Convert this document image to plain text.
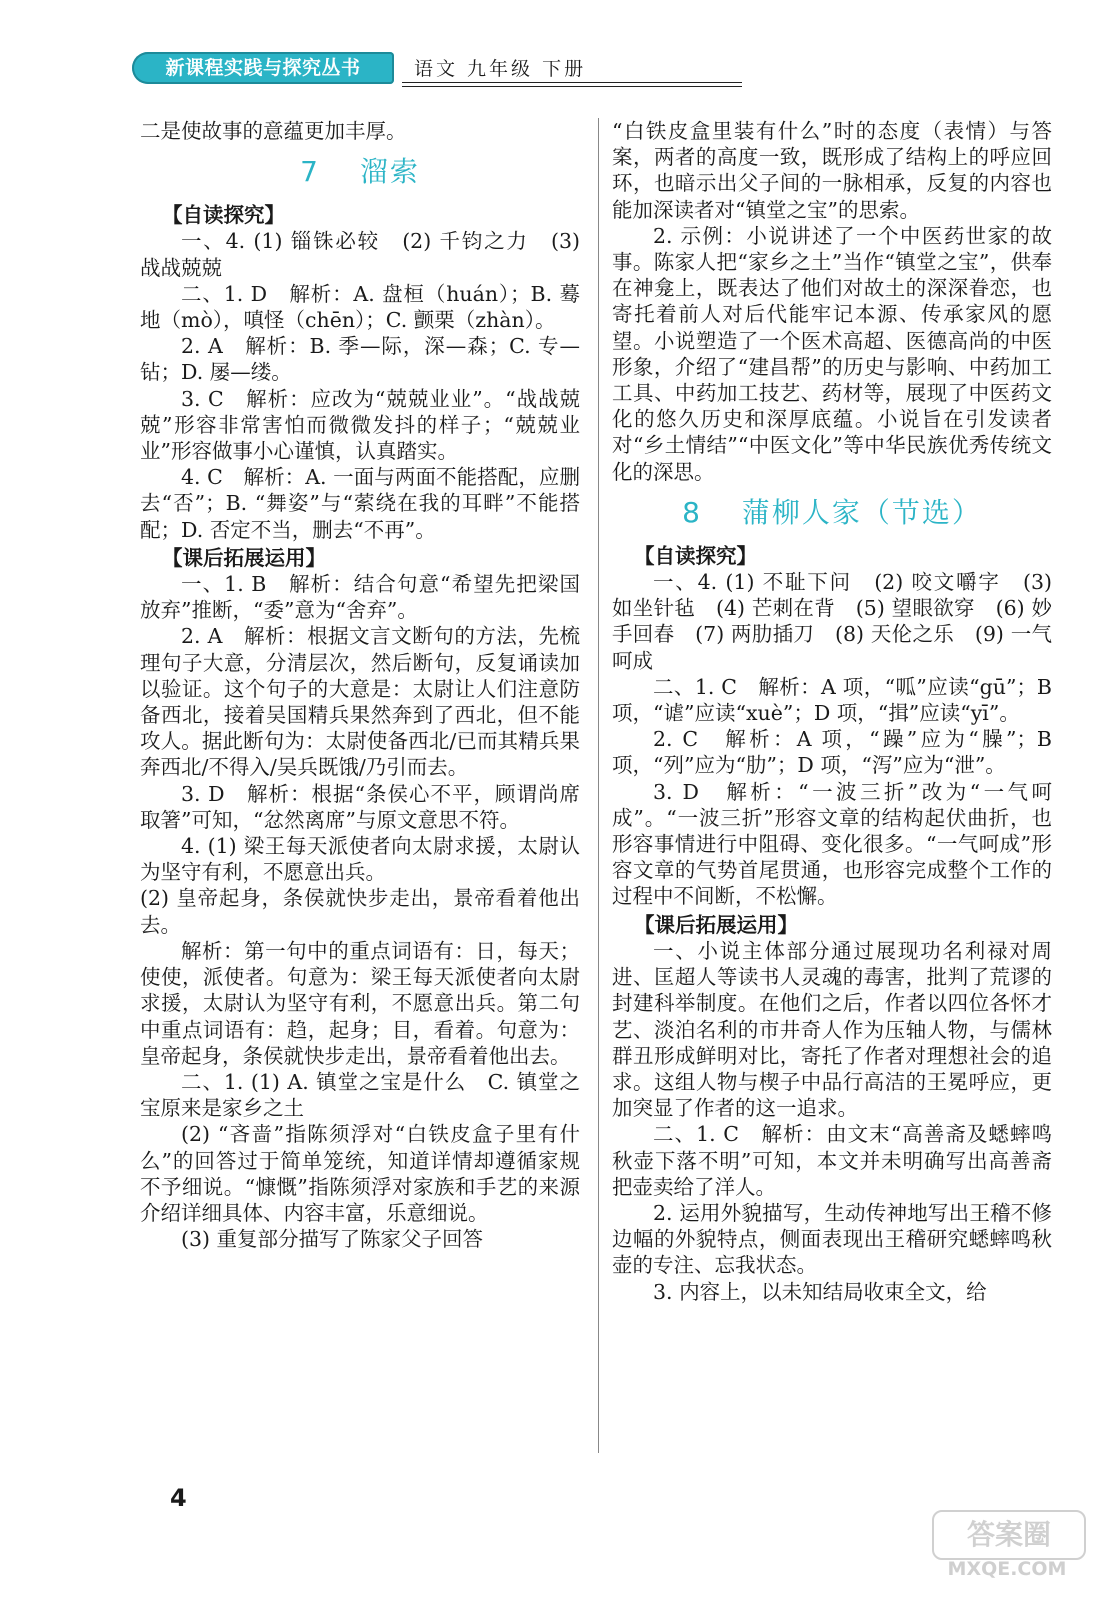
新课程实践与探究丛书	语文 九年级 下册

二是使故事的意蕴更加丰厚。

7 溜索

【自读探究】

一、4. (1) 锱铢必较　(2) 千钧之力　(3) 战战兢兢

二、1. D　解析：A. 盘桓（huán）；B. 蓦地（mò），嗔怪（chēn）；C. 颤栗（zhàn）。

2. A　解析：B. 季—际，深—森；C. 专—钻；D. 屡—缕。

3. C　解析：应改为“兢兢业业”。“战战兢兢”形容非常害怕而微微发抖的样子；“兢兢业业”形容做事小心谨慎，认真踏实。

4. C　解析：A. 一面与两面不能搭配，应删去“否”；B. “舞姿”与“萦绕在我的耳畔”不能搭配；D. 否定不当，删去“不再”。

【课后拓展运用】

一、1. B　解析：结合句意“希望先把梁国放弃”推断，“委”意为“舍弃”。

2. A　解析：根据文言文断句的方法，先梳理句子大意，分清层次，然后断句，反复诵读加以验证。这个句子的大意是：太尉让人们注意防备西北，接着吴国精兵果然奔到了西北，但不能攻人。据此断句为：太尉使备西北/已而其精兵果奔西北/不得入/吴兵既饿/乃引而去。

3. D　解析：根据“条侯心不平，顾谓尚席取箸”可知，“忿然离席”与原文意思不符。

4. (1) 梁王每天派使者向太尉求援，太尉认为坚守有利，不愿意出兵。

(2) 皇帝起身，条侯就快步走出，景帝看着他出去。

解析：第一句中的重点词语有：日，每天；使使，派使者。句意为：梁王每天派使者向太尉求援，太尉认为坚守有利，不愿意出兵。第二句中重点词语有：趋，起身；目，看着。句意为：皇帝起身，条侯就快步走出，景帝看着他出去。

二、1. (1) A. 镇堂之宝是什么　C. 镇堂之宝原来是家乡之土

(2) “吝啬”指陈须浮对“白铁皮盒子里有什么”的回答过于简单笼统，知道详情却遵循家规不予细说。“慷慨”指陈须浮对家族和手艺的来源介绍详细具体、内容丰富，乐意细说。

(3) 重复部分描写了陈家父子回答

“白铁皮盒里装有什么”时的态度（表情）与答案，两者的高度一致，既形成了结构上的呼应回环，也暗示出父子间的一脉相承，反复的内容也能加深读者对“镇堂之宝”的思索。

2. 示例：小说讲述了一个中医药世家的故事。陈家人把“家乡之土”当作“镇堂之宝”，供奉在神龛上，既表达了他们对故土的深深眷恋，也寄托着前人对后代能牢记本源、传承家风的愿望。小说塑造了一个医术高超、医德高尚的中医形象，介绍了“建昌帮”的历史与影响、中药加工工具、中药加工技艺、药材等，展现了中医药文化的悠久历史和深厚底蕴。小说旨在引发读者对“乡土情结”“中医文化”等中华民族优秀传统文化的深思。

8 蒲柳人家（节选）

【自读探究】

一、4. (1) 不耻下问　(2) 咬文嚼字　(3) 如坐针毡　(4) 芒刺在背　(5) 望眼欲穿　(6) 妙手回春　(7) 两肋插刀　(8) 天伦之乐　(9) 一气呵成

二、1. C　解析：A 项，“呱”应读“gū”；B 项，“谑”应读“xuè”；D 项，“揖”应读“yī”。

2. C　解析：A 项，“躁”应为“臊”；B 项，“列”应为“肋”；D 项，“泻”应为“泄”。

3. D　解析：“一波三折”改为“一气呵成”。“一波三折”形容文章的结构起伏曲折，也形容事情进行中阻碍、变化很多。“一气呵成”形容文章的气势首尾贯通，也形容完成整个工作的过程中不间断，不松懈。

【课后拓展运用】

一、小说主体部分通过展现功名利禄对周进、匡超人等读书人灵魂的毒害，批判了荒谬的封建科举制度。在他们之后，作者以四位各怀才艺、淡泊名利的市井奇人作为压轴人物，与儒林群丑形成鲜明对比，寄托了作者对理想社会的追求。这组人物与楔子中品行高洁的王冕呼应，更加突显了作者的这一追求。

二、1. C　解析：由文末“高善斋及蟋蟀鸣秋壶下落不明”可知，本文并未明确写出高善斋把壶卖给了洋人。

2. 运用外貌描写，生动传神地写出王稽不修边幅的外貌特点，侧面表现出王稽研究蟋蟀鸣秋壶的专注、忘我状态。

3. 内容上，以未知结局收束全文，给

4
答案圈
MXQE.COM
